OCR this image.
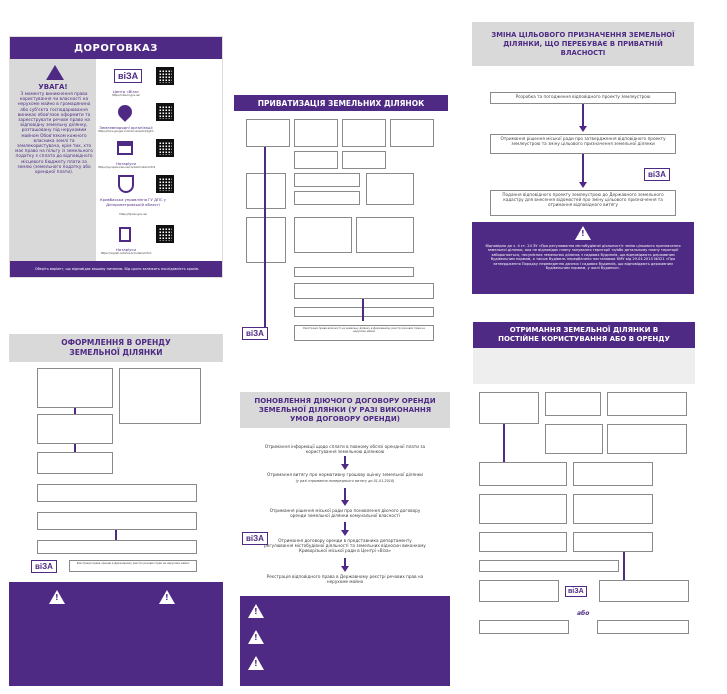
ДОРОГОВКАЗ
УВАГА!
З моменту виникнення права користування чи власності на нерухоме майно в громадянина або суб'єкта господарювання виникає обов'язок оформити та зареєструвати речове право на відповідну земельну ділянку, розташовану під нерухомим майном Обов'язком кожного власника землі та землекористувача, крім тих, хто має право на пільгу із земельного податку є сплата до відповідного місцевого бюджету плати за землю (земельного податку або орендної плати).
віЗА
Центр «Віза»
https://viza.kr.gov.ua/
Землевпорядні організації
https://docs.google.com/document/d/1g4Y...
Нотаріуси
https://synopsis.kiev.ua/content/notarii.html
Кривбаська управління ГУ ДПС у Дніпропетровській області
https://dp.tax.gov.ua/
Нотаріуси
https://reyestr.notarius.kr/notarial.html
Оберіть варіант, що відповідає вашому питанню. Від цього залежить послідовність кроків.
ПРИВАТИЗАЦІЯ ЗЕМЕЛЬНИХ ДІЛЯНОК
віЗА
Реєстрація права власності на земельну ділянку в Державному реєстрі речових прав на нерухоме майно
ЗМІНА ЦІЛЬОВОГО ПРИЗНАЧЕННЯ ЗЕМЕЛЬНОЇ ДІЛЯНКИ, ЩО ПЕРЕБУВАЄ В ПРИВАТНІЙ ВЛАСНОСТІ
Розробка та погодження відповідного проекту землеустрою
Отримання рішення міської ради про затвердження відповідного проекту землеустрою та зміну цільового призначення земельної ділянки
віЗА
Подання відповідного проекту землеустрою до Державного земельного кадастру для внесення відомостей про зміну цільового призначення та отримання відповідного витягу
!
Відповідно до ч. 4 ст. 24 ЗУ «Про регулювання містобудівної діяльності» зміна цільового призначення земельної ділянки, яка не відповідає плану зонування території та/або детальному плану території забороняється, несумісних земельних ділянок з садових будинків, що відповідають державним будівельним нормам, а також будівель передбачено постановою КМУ від 29.04.2015 №321 «Про затвердження Порядку переведення дачних і садових будинків, що відповідають державним будівельним нормам, у жилі будинки».
ОФОРМЛЕННЯ В ОРЕНДУ ЗЕМЕЛЬНОЇ ДІЛЯНКИ
віЗА	Реєстрація права оренди в Державному реєстрі речових прав на нерухоме майно
!	!
ПОНОВЛЕННЯ ДІЮЧОГО ДОГОВОРУ ОРЕНДИ ЗЕМЕЛЬНОЇ ДІЛЯНКИ (У РАЗІ ВИКОНАННЯ УМОВ ДОГОВОРУ ОРЕНДИ)
Отримання інформації щодо сплати в повному обсязі орендної плати за користування земельною ділянкою
Отримання витягу про нормативну грошову оцінку земельної ділянки
(у разі отримання попереднього витягу до 01.01.2018)
Отримання рішення міської ради про поновлення діючого договору оренди земельної ділянки комунальної власності
віЗА	Отримання договору оренди в представника департаменту регулювання містобудівної діяльності та земельних відносин виконкому Криворізької міської ради в Центрі «Віза»
Реєстрація відповідного права в Державному реєстрі речових прав на нерухоме майно
!
!
!
ОТРИМАННЯ ЗЕМЕЛЬНОЇ ДІЛЯНКИ В ПОСТІЙНЕ КОРИСТУВАННЯ АБО В ОРЕНДУ
віЗА
або
